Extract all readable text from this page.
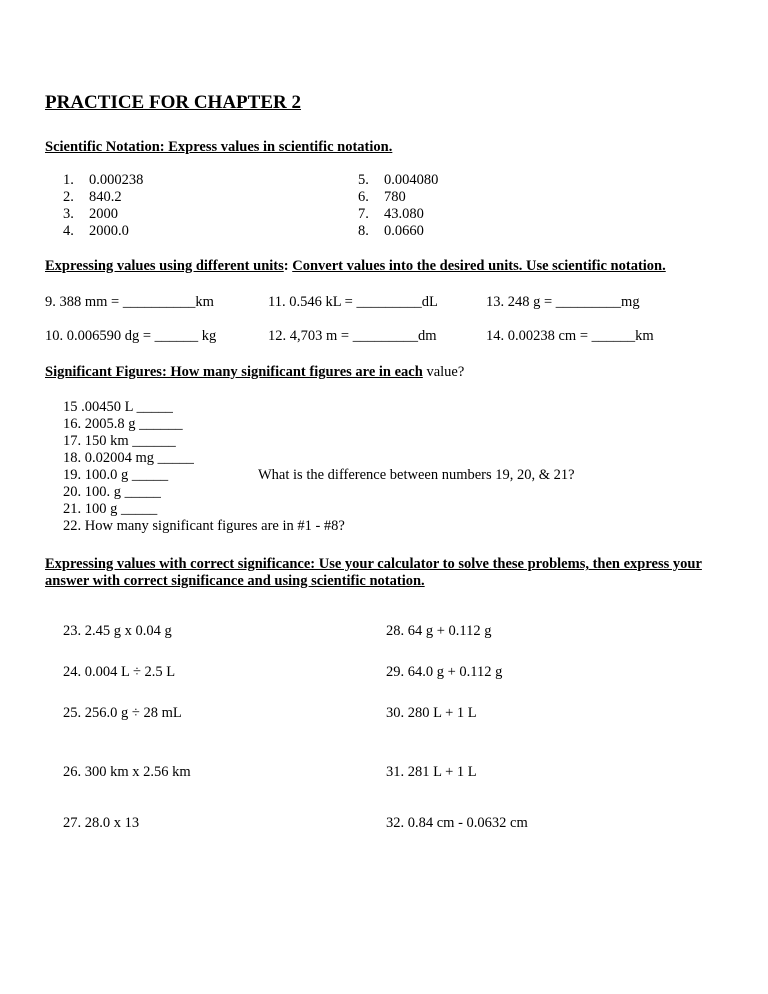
PRACTICE FOR CHAPTER 2
Scientific Notation: Express values in scientific notation.
1. 0.000238
2. 840.2
3. 2000
4. 2000.0
5. 0.004080
6. 780
7. 43.080
8. 0.0660
Expressing values using different units: Convert values into the desired units. Use scientific notation.
9. 388 mm = __________km	11. 0.546 kL = _________dL	13. 248 g = _________mg
10. 0.006590 dg = ______ kg	12. 4,703 m = _________dm	14. 0.00238 cm = ______km
Significant Figures: How many significant figures are in each value?
15 .00450 L _____
16. 2005.8 g ______
17. 150 km ______
18. 0.02004 mg _____
19. 100.0 g _____
20. 100. g _____
21. 100 g _____
22. How many significant figures are in #1 - #8?
What is the difference between numbers 19, 20, & 21?
Expressing values with correct significance: Use your calculator to solve these problems, then express your
answer with correct significance and using scientific notation.
23. 2.45 g x 0.04 g
24. 0.004 L ÷ 2.5 L
25. 256.0 g ÷ 28 mL
26. 300 km x 2.56 km
27. 28.0 x 13
28. 64 g + 0.112 g
29. 64.0 g + 0.112 g
30. 280 L + 1 L
31. 281 L + 1 L
32. 0.84 cm - 0.0632 cm
